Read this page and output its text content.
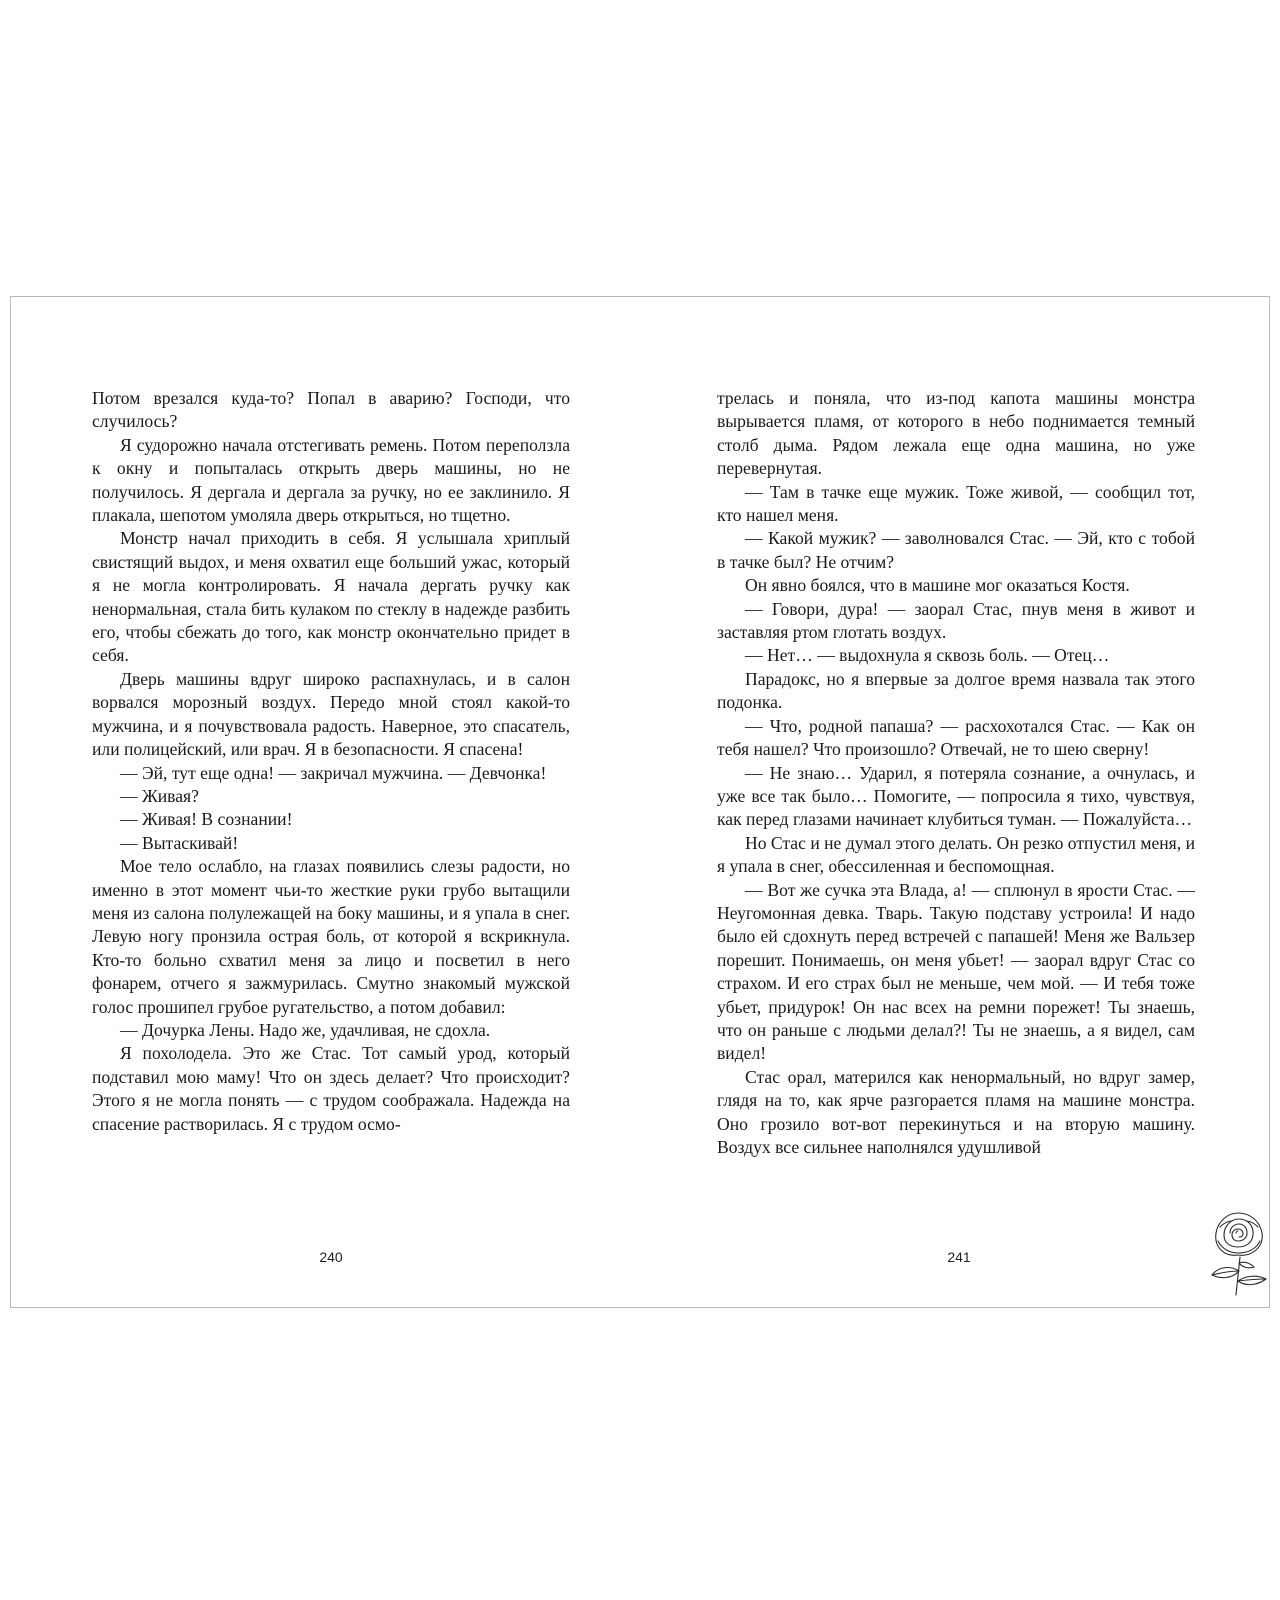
Потом врезался куда-то? Попал в аварию? Господи, что случилось?

Я судорожно начала отстегивать ремень. Потом переползла к окну и попыталась открыть дверь машины, но не получилось. Я дергала и дергала за ручку, но ее заклинило. Я плакала, шепотом умоляла дверь открыться, но тщетно.

Монстр начал приходить в себя. Я услышала хриплый свистящий выдох, и меня охватил еще больший ужас, который я не могла контролировать. Я начала дергать ручку как ненормальная, стала бить кулаком по стеклу в надежде разбить его, чтобы сбежать до того, как монстр окончательно придет в себя.

Дверь машины вдруг широко распахнулась, и в салон ворвался морозный воздух. Передо мной стоял какой-то мужчина, и я почувствовала радость. Наверное, это спасатель, или полицейский, или врач. Я в безопасности. Я спасена!

— Эй, тут еще одна! — закричал мужчина. — Девчонка!

— Живая?

— Живая! В сознании!

— Вытаскивай!

Мое тело ослабло, на глазах появились слезы радости, но именно в этот момент чьи-то жесткие руки грубо вытащили меня из салона полулежащей на боку машины, и я упала в снег. Левую ногу пронзила острая боль, от которой я вскрикнула. Кто-то больно схватил меня за лицо и посветил в него фонарем, отчего я зажмурилась. Смутно знакомый мужской голос прошипел грубое ругательство, а потом добавил:

— Дочурка Лены. Надо же, удачливая, не сдохла.

Я похолодела. Это же Стас. Тот самый урод, который подставил мою маму! Что он здесь делает? Что происходит? Этого я не могла понять — с трудом соображала. Надежда на спасение растворилась. Я с трудом осмо-

240

трелась и поняла, что из-под капота машины монстра вырывается пламя, от которого в небо поднимается темный столб дыма. Рядом лежала еще одна машина, но уже перевернутая.

— Там в тачке еще мужик. Тоже живой, — сообщил тот, кто нашел меня.

— Какой мужик? — заволновался Стас. — Эй, кто с тобой в тачке был? Не отчим?

Он явно боялся, что в машине мог оказаться Костя.

— Говори, дура! — заорал Стас, пнув меня в живот и заставляя ртом глотать воздух.

— Нет… — выдохнула я сквозь боль. — Отец…

Парадокс, но я впервые за долгое время назвала так этого подонка.

— Что, родной папаша? — расхохотался Стас. — Как он тебя нашел? Что произошло? Отвечай, не то шею сверну!

— Не знаю… Ударил, я потеряла сознание, а очнулась, и уже все так было… Помогите, — попросила я тихо, чувствуя, как перед глазами начинает клубиться туман. — Пожалуйста…

Но Стас и не думал этого делать. Он резко отпустил меня, и я упала в снег, обессиленная и беспомощная.

— Вот же сучка эта Влада, а! — сплюнул в ярости Стас. — Неугомонная девка. Тварь. Такую подставу устроила! И надо было ей сдохнуть перед встречей с папашей! Меня же Вальзер порешит. Понимаешь, он меня убьет! — заорал вдруг Стас со страхом. И его страх был не меньше, чем мой. — И тебя тоже убьет, придурок! Он нас всех на ремни порежет! Ты знаешь, что он раньше с людьми делал?! Ты не знаешь, а я видел, сам видел!

Стас орал, матерился как ненормальный, но вдруг замер, глядя на то, как ярче разгорается пламя на машине монстра. Оно грозило вот-вот перекинуться и на вторую машину. Воздух все сильнее наполнялся удушливой

241
